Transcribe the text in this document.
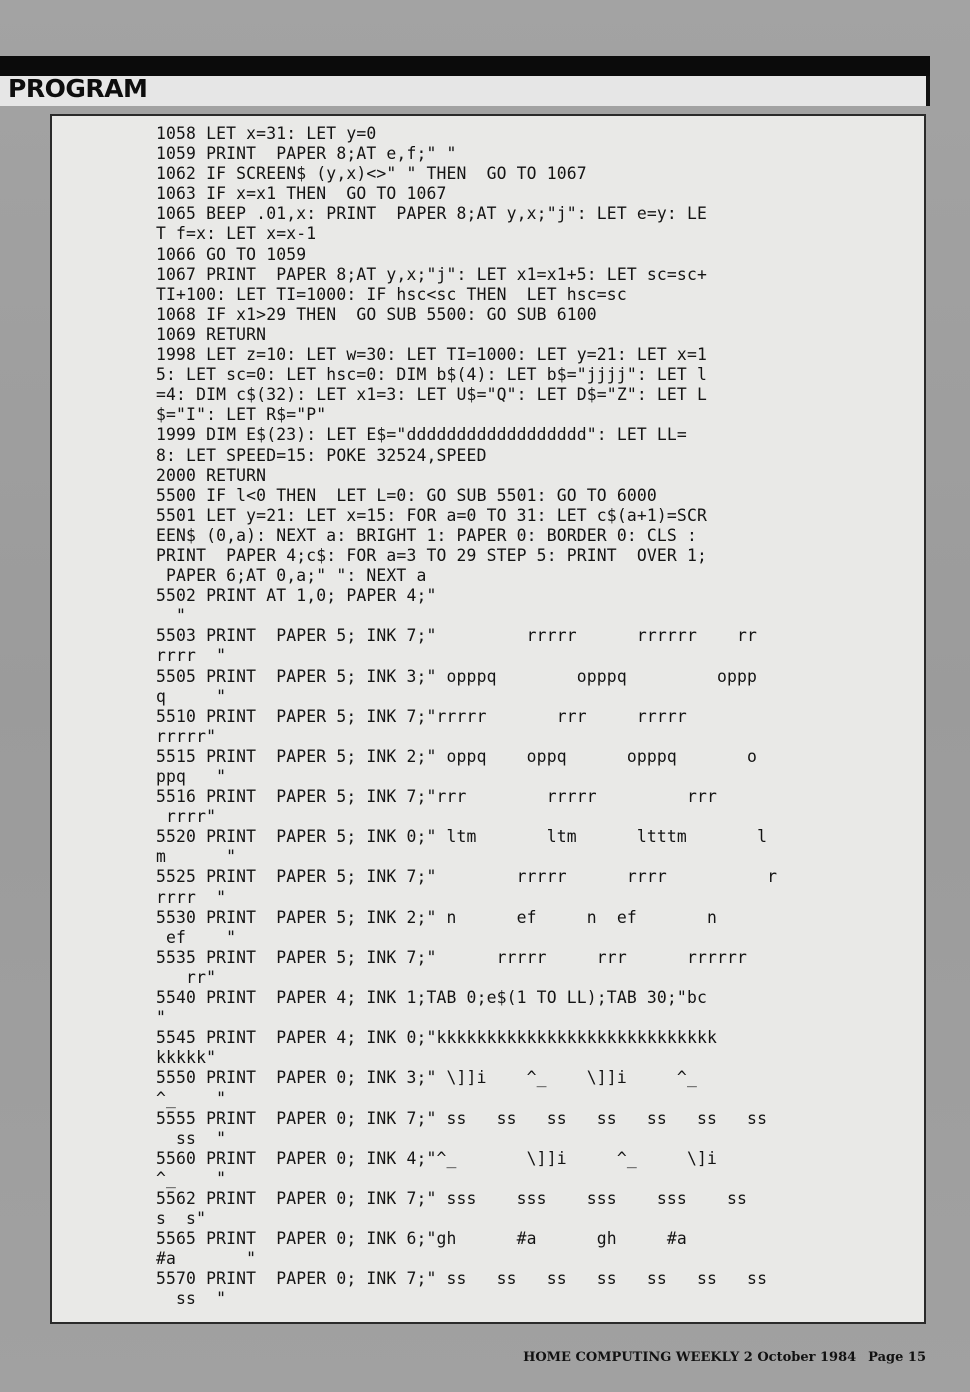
PROGRAM
1058 LET x=31: LET y=0
1059 PRINT  PAPER 8;AT e,f;" "
1062 IF SCREEN$ (y,x)<>" " THEN  GO TO 1067
1063 IF x=x1 THEN  GO TO 1067
1065 BEEP .01,x: PRINT  PAPER 8;AT y,x;"j": LET e=y: LE
T f=x: LET x=x-1
1066 GO TO 1059
1067 PRINT  PAPER 8;AT y,x;"j": LET x1=x1+5: LET sc=sc+
TI+100: LET TI=1000: IF hsc<sc THEN  LET hsc=sc
1068 IF x1>29 THEN  GO SUB 5500: GO SUB 6100
1069 RETURN
1998 LET z=10: LET w=30: LET TI=1000: LET y=21: LET x=1
5: LET sc=0: LET hsc=0: DIM b$(4): LET b$="jjjj": LET l
=4: DIM c$(32): LET x1=3: LET U$="Q": LET D$="Z": LET L
$="I": LET R$="P"
1999 DIM E$(23): LET E$="dddddddddddddddddd": LET LL=
8: LET SPEED=15: POKE 32524,SPEED
2000 RETURN
5500 IF l<0 THEN  LET L=0: GO SUB 5501: GO TO 6000
5501 LET y=21: LET x=15: FOR a=0 TO 31: LET c$(a+1)=SCR
EEN$ (0,a): NEXT a: BRIGHT 1: PAPER 0: BORDER 0: CLS :
PRINT  PAPER 4;c$: FOR a=3 TO 29 STEP 5: PRINT  OVER 1;
PAPER 6;AT 0,a;" ": NEXT a
5502 PRINT AT 1,0; PAPER 4;"
"
5503 PRINT  PAPER 5; INK 7;"         rrrrr      rrrrrr    rr
rrrr  "
5505 PRINT  PAPER 5; INK 3;" opppq        opppq         oppp
q     "
5510 PRINT  PAPER 5; INK 7;"rrrrr       rrr     rrrrr
rrrrr"
5515 PRINT  PAPER 5; INK 2;" oppq    oppq      opppq       o
ppq   "
5516 PRINT  PAPER 5; INK 7;"rrr        rrrrr         rrr
rrrr"
5520 PRINT  PAPER 5; INK 0;" ltm       ltm      ltttm       l
m      "
5525 PRINT  PAPER 5; INK 7;"        rrrrr      rrrr          r
rrrr  "
5530 PRINT  PAPER 5; INK 2;" n      ef     n  ef       n
ef    "
5535 PRINT  PAPER 5; INK 7;"      rrrrr     rrr      rrrrrr
rr"
5540 PRINT  PAPER 4; INK 1;TAB 0;e$(1 TO LL);TAB 30;"bc
"
5545 PRINT  PAPER 4; INK 0;"kkkkkkkkkkkkkkkkkkkkkkkkkkkk
kkkkk"
5550 PRINT  PAPER 0; INK 3;" \]]i    ^_    \]]i     ^_
^_    "
5555 PRINT  PAPER 0; INK 7;" ss   ss   ss   ss   ss   ss   ss
ss  "
5560 PRINT  PAPER 0; INK 4;"^_       \]]i     ^_     \]i
^_    "
5562 PRINT  PAPER 0; INK 7;" sss    sss    sss    sss    ss
s  s"
5565 PRINT  PAPER 0; INK 6;"gh      #a      gh     #a
#a       "
5570 PRINT  PAPER 0; INK 7;" ss   ss   ss   ss   ss   ss   ss
ss  "
HOME COMPUTING WEEKLY 2 October 1984 Page 15
